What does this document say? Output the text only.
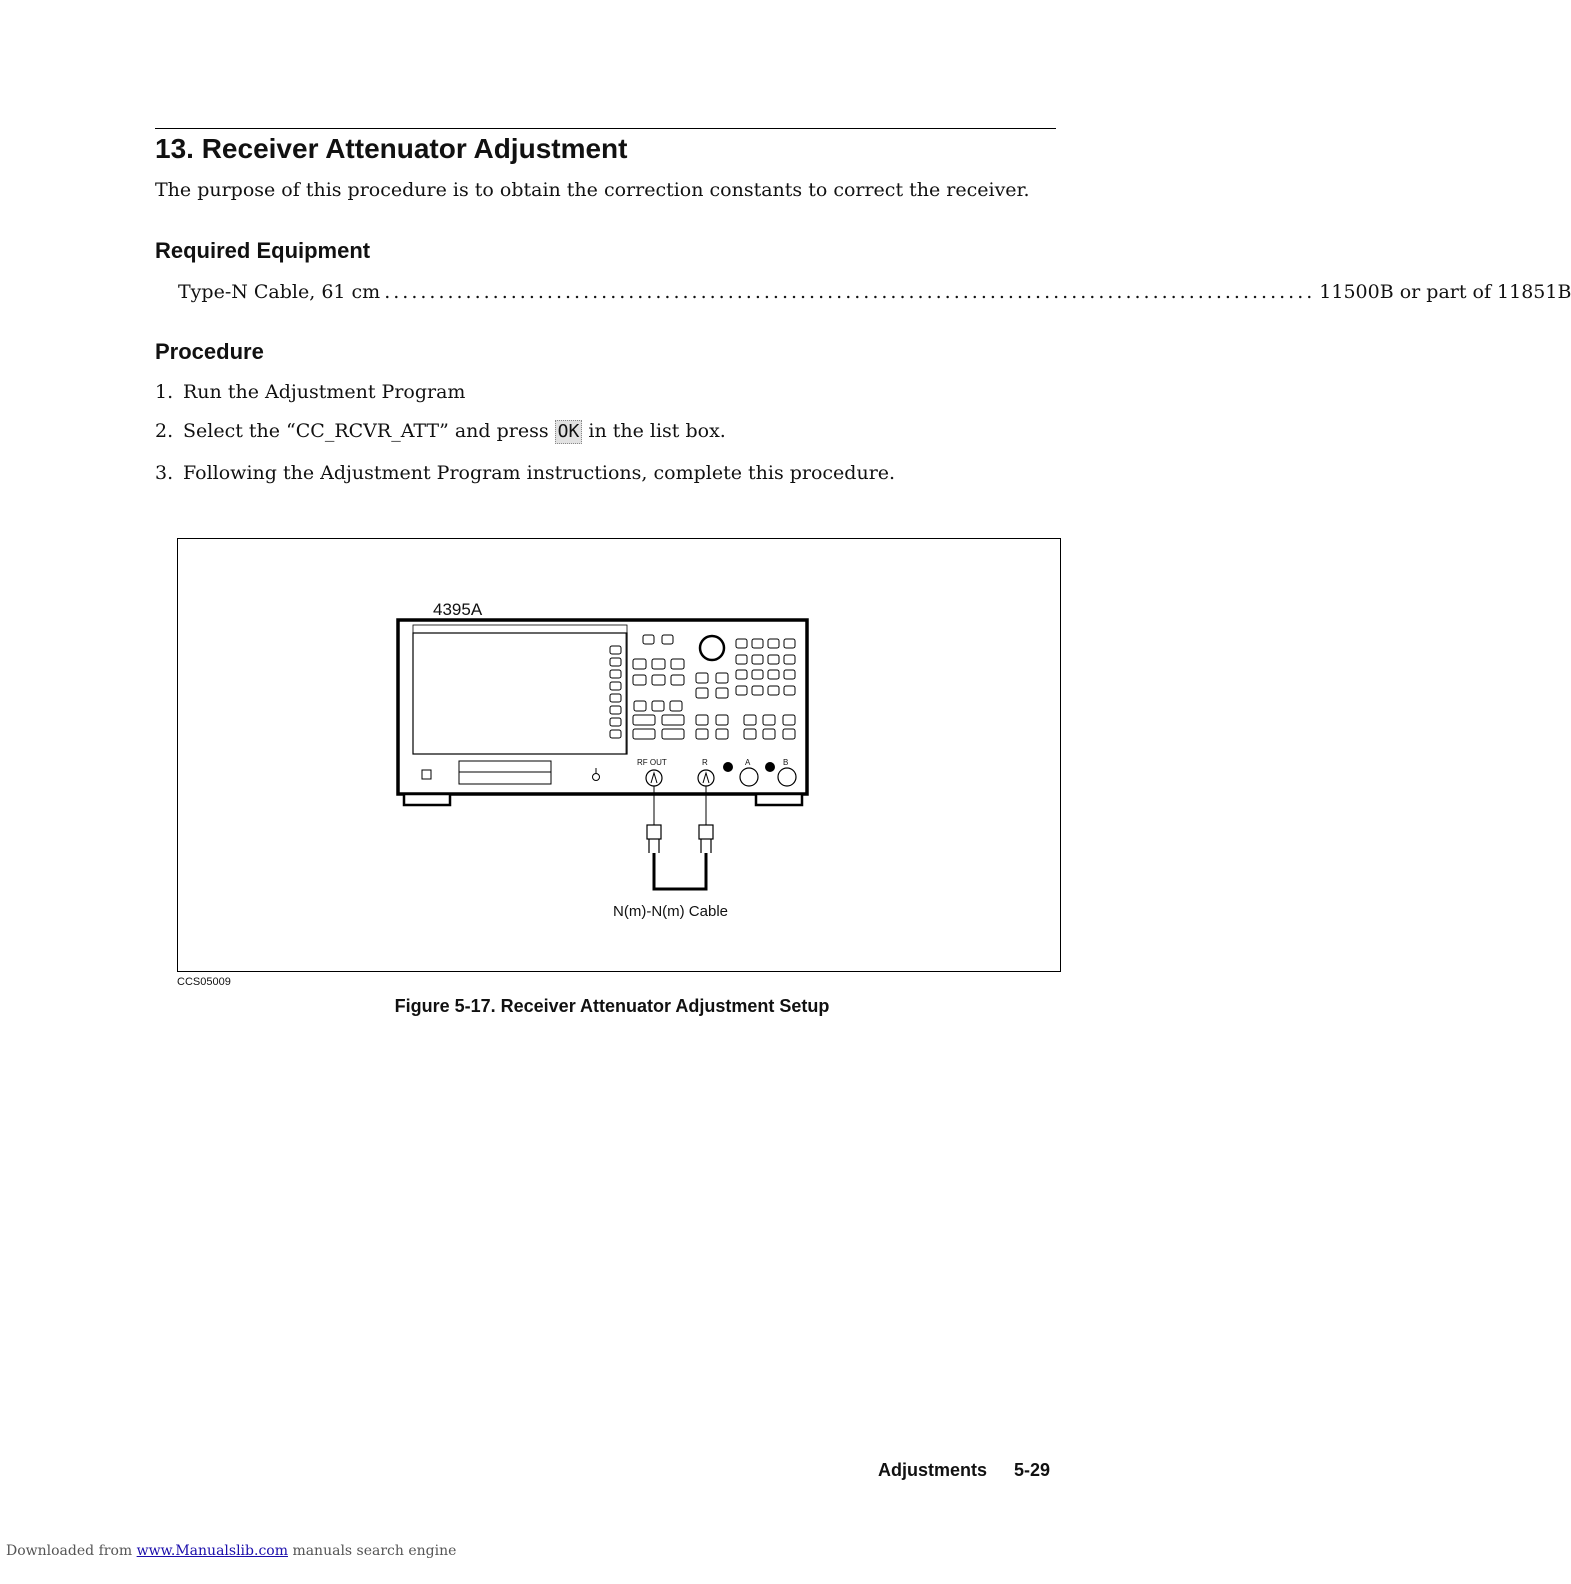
13. Receiver Attenuator Adjustment
The purpose of this procedure is to obtain the correction constants to correct the receiver.
Required Equipment
Type-N Cable, 61 cm ....................................................................................................... 11500B or part of 11851B
Procedure
1. Run the Adjustment Program
2. Select the “CC_RCVR_ATT” and press OK in the list box.
3. Following the Adjustment Program instructions, complete this procedure.
4395A
RF OUT	R	A	B
N(m)-N(m) Cable
CCS05009
Figure 5-17. Receiver Attenuator Adjustment Setup
Adjustments 5-29
Downloaded from www.Manualslib.com manuals search engine
